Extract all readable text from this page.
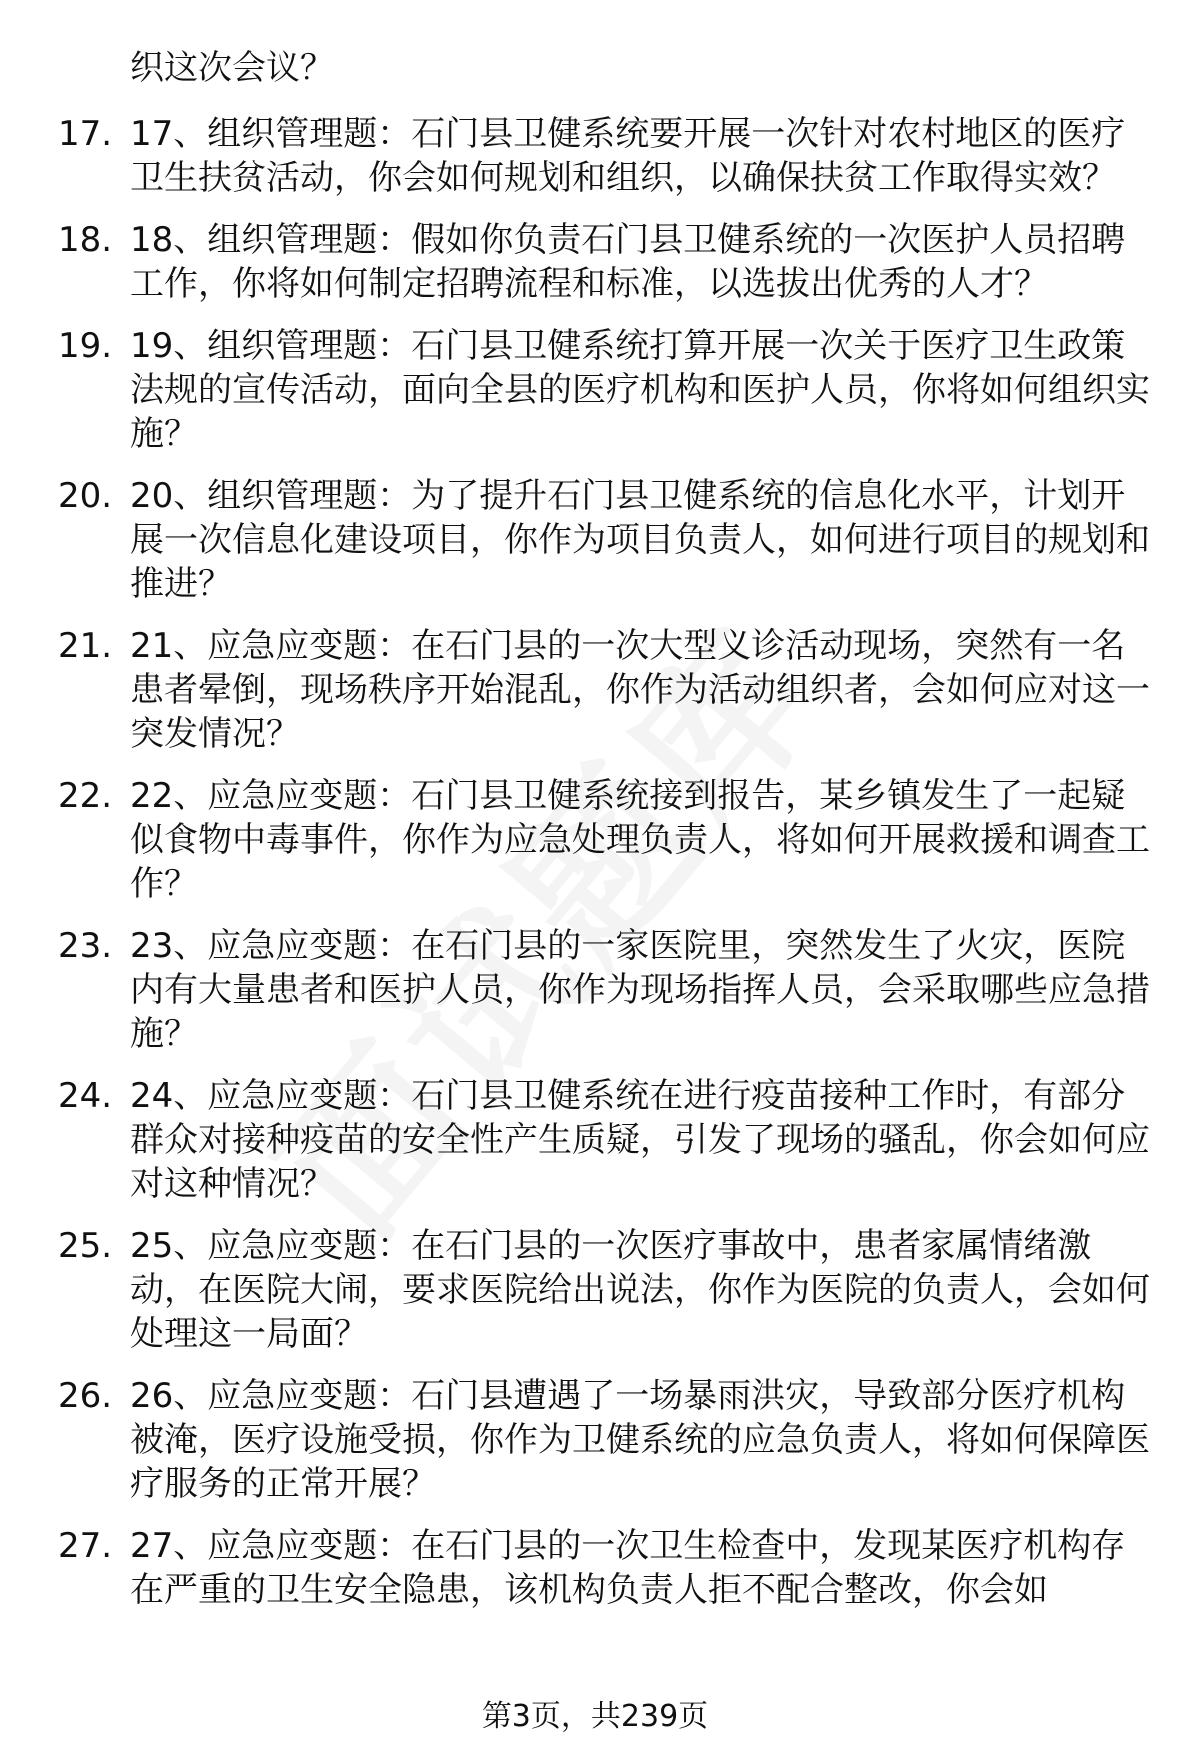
织这次会议？
17. 17、组织管理题：石门县卫健系统要开展一次针对农村地区的医疗卫生扶贫活动，你会如何规划和组织，以确保扶贫工作取得实效？
18. 18、组织管理题：假如你负责石门县卫健系统的一次医护人员招聘工作，你将如何制定招聘流程和标准，以选拔出优秀的人才？
19. 19、组织管理题：石门县卫健系统打算开展一次关于医疗卫生政策法规的宣传活动，面向全县的医疗机构和医护人员，你将如何组织实施？
20. 20、组织管理题：为了提升石门县卫健系统的信息化水平，计划开展一次信息化建设项目，你作为项目负责人，如何进行项目的规划和推进？
21. 21、应急应变题：在石门县的一次大型义诊活动现场，突然有一名患者晕倒，现场秩序开始混乱，你作为活动组织者，会如何应对这一突发情况？
22. 22、应急应变题：石门县卫健系统接到报告，某乡镇发生了一起疑似食物中毒事件，你作为应急处理负责人，将如何开展救援和调查工作？
23. 23、应急应变题：在石门县的一家医院里，突然发生了火灾，医院内有大量患者和医护人员，你作为现场指挥人员，会采取哪些应急措施？
24. 24、应急应变题：石门县卫健系统在进行疫苗接种工作时，有部分群众对接种疫苗的安全性产生质疑，引发了现场的骚乱，你会如何应对这种情况？
25. 25、应急应变题：在石门县的一次医疗事故中，患者家属情绪激动，在医院大闹，要求医院给出说法，你作为医院的负责人，会如何处理这一局面？
26. 26、应急应变题：石门县遭遇了一场暴雨洪灾，导致部分医疗机构被淹，医疗设施受损，你作为卫健系统的应急负责人，将如何保障医疗服务的正常开展？
27. 27、应急应变题：在石门县的一次卫生检查中，发现某医疗机构存在严重的卫生安全隐患，该机构负责人拒不配合整改，你会如
第3页，共239页
